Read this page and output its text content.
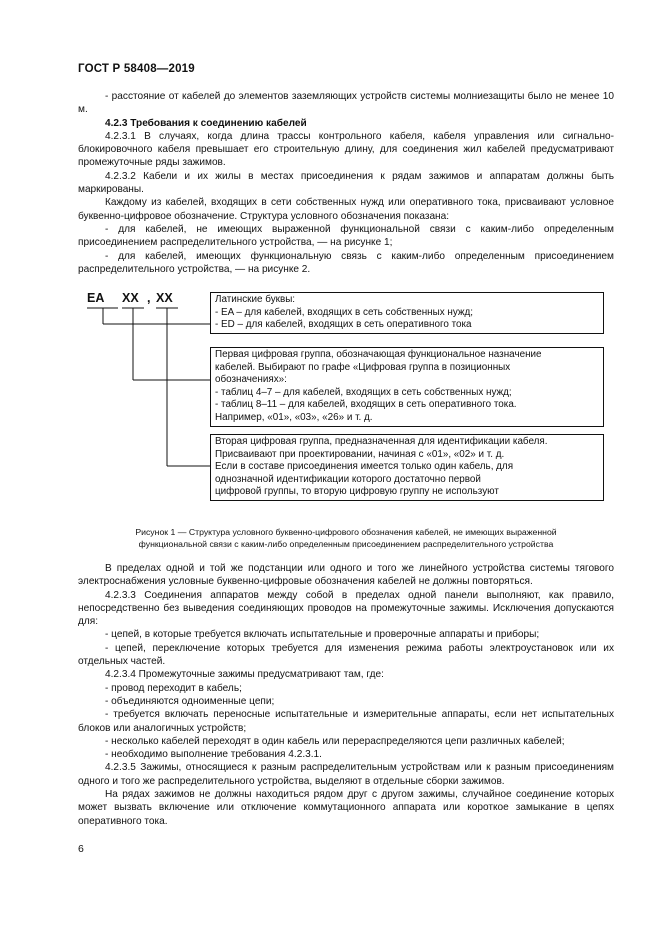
ГОСТ Р 58408—2019

- расстояние от кабелей до элементов заземляющих устройств системы молниезащиты было не менее 10 м.

4.2.3 Требования к соединению кабелей

4.2.3.1 В случаях, когда длина трассы контрольного кабеля, кабеля управления или сигнально-блокировочного кабеля превышает его строительную длину, для соединения жил кабелей предусматривают промежуточные ряды зажимов.

4.2.3.2 Кабели и их жилы в местах присоединения к рядам зажимов и аппаратам должны быть маркированы.

Каждому из кабелей, входящих в сети собственных нужд или оперативного тока, присваивают условное буквенно-цифровое обозначение. Структура условного обозначения показана:

- для кабелей, не имеющих выраженной функциональной связи с каким-либо определенным присоединением распределительного устройства, — на рисунке 1;

- для кабелей, имеющих функциональную связь с каким-либо определенным присоединением распределительного устройства, — на рисунке 2.

EA XX , XX	Латинские буквы:
- EA – для кабелей, входящих в сеть собственных нужд;
- ED – для кабелей, входящих в сеть оперативного тока
Первая цифровая группа, обозначающая функциональное назначение
кабелей. Выбирают по графе «Цифровая группа в позиционных
обозначениях»:
- таблиц 4–7 – для кабелей, входящих в сеть собственных нужд;
- таблиц 8–11 – для кабелей, входящих в сеть оперативного тока.
Например, «01», «03», «26» и т. д.
Вторая цифровая группа, предназначенная для идентификации кабеля.
Присваивают при проектировании, начиная с «01», «02» и т. д.
Если в составе присоединения имеется только один кабель, для
однозначной идентификации которого достаточно первой
цифровой группы, то вторую цифровую группу не используют
Рисунок 1 — Структура условного буквенно-цифрового обозначения кабелей, не имеющих выраженной
функциональной связи с каким-либо определенным присоединением распределительного устройства

В пределах одной и той же подстанции или одного и того же линейного устройства системы тягового электроснабжения условные буквенно-цифровые обозначения кабелей не должны повторяться.

4.2.3.3 Соединения аппаратов между собой в пределах одной панели выполняют, как правило, непосредственно без выведения соединяющих проводов на промежуточные зажимы. Исключения допускаются для:

- цепей, в которые требуется включать испытательные и проверочные аппараты и приборы;

- цепей, переключение которых требуется для изменения режима работы электроустановок или их отдельных частей.

4.2.3.4 Промежуточные зажимы предусматривают там, где:

- провод переходит в кабель;

- объединяются одноименные цепи;

- требуется включать переносные испытательные и измерительные аппараты, если нет испытательных блоков или аналогичных устройств;

- несколько кабелей переходят в один кабель или перераспределяются цепи различных кабелей;

- необходимо выполнение требования 4.2.3.1.

4.2.3.5 Зажимы, относящиеся к разным распределительным устройствам или к разным присоединениям одного и того же распределительного устройства, выделяют в отдельные сборки зажимов.

На рядах зажимов не должны находиться рядом друг с другом зажимы, случайное соединение которых может вызвать включение или отключение коммутационного аппарата или короткое замыкание в цепях оперативного тока.

6
